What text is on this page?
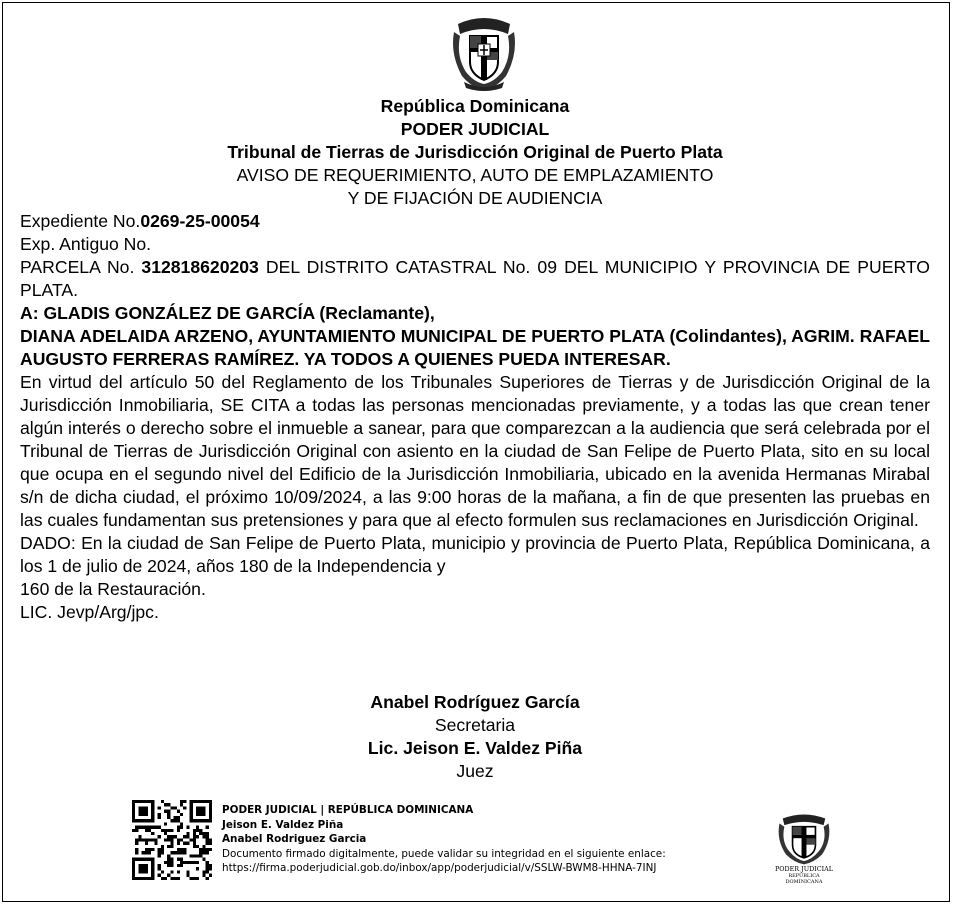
República Dominicana
PODER JUDICIAL
Tribunal de Tierras de Jurisdicción Original de Puerto Plata
AVISO DE REQUERIMIENTO, AUTO DE EMPLAZAMIENTO
Y DE FIJACIÓN DE AUDIENCIA
Expediente No.0269-25-00054
Exp. Antiguo No.
PARCELA No. 312818620203 DEL DISTRITO CATASTRAL No. 09 DEL MUNICIPIO Y PROVINCIA DE PUERTO PLATA.
A: GLADIS GONZÁLEZ DE GARCÍA (Reclamante),
DIANA ADELAIDA ARZENO, AYUNTAMIENTO MUNICIPAL DE PUERTO PLATA (Colindantes), AGRIM. RAFAEL AUGUSTO FERRERAS RAMÍREZ. YA TODOS A QUIENES PUEDA INTERESAR.
En virtud del artículo 50 del Reglamento de los Tribunales Superiores de Tierras y de Jurisdicción Original de la Jurisdicción Inmobiliaria, SE CITA a todas las personas mencionadas previamente, y a todas las que crean tener algún interés o derecho sobre el inmueble a sanear, para que comparezcan a la audiencia que será celebrada por el Tribunal de Tierras de Jurisdicción Original con asiento en la ciudad de San Felipe de Puerto Plata, sito en su local que ocupa en el segundo nivel del Edificio de la Jurisdicción Inmobiliaria, ubicado en la avenida Hermanas Mirabal s/n de dicha ciudad, el próximo 10/09/2024, a las 9:00 horas de la mañana, a fin de que presenten las pruebas en las cuales fundamentan sus pretensiones y para que al efecto formulen sus reclamaciones en Jurisdicción Original.
DADO: En la ciudad de San Felipe de Puerto Plata, municipio y provincia de Puerto Plata, República Dominicana, a los 1 de julio de 2024, años 180 de la Independencia y
160 de la Restauración.
LIC. Jevp/Arg/jpc.
Anabel Rodríguez García
Secretaria
Lic. Jeison E. Valdez Piña
Juez
PODER JUDICIAL | REPÚBLICA DOMINICANA
Jeison E. Valdez Piña
Anabel Rodriguez Garcia
Documento firmado digitalmente, puede validar su integridad en el siguiente enlace:
https://firma.poderjudicial.gob.do/inbox/app/poderjudicial/v/SSLW-BWM8-HHNA-7INJ	PODER JUDICIAL
REPÚBLICA DOMINICANA
